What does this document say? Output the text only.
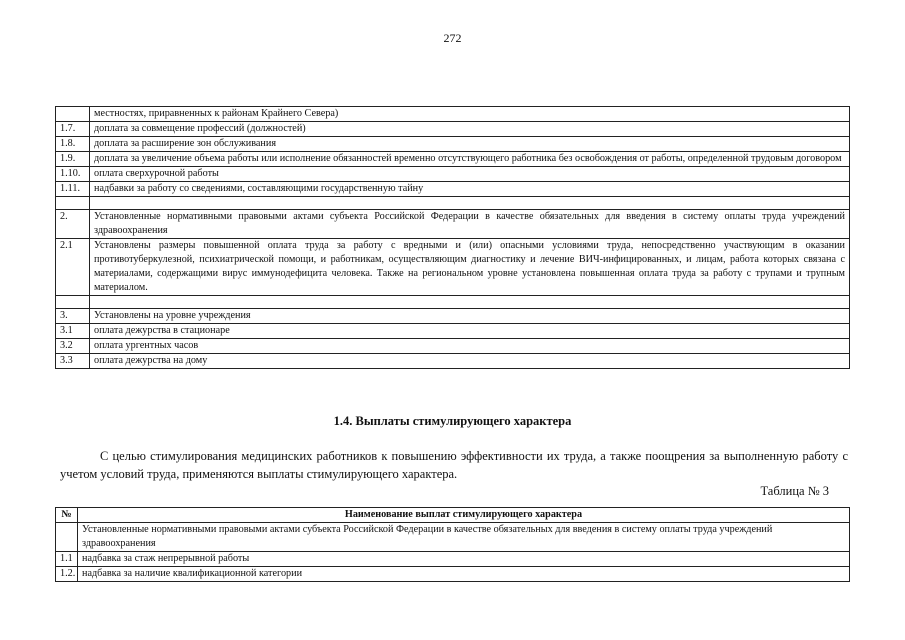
272
	местностях, приравненных к районам Крайнего Севера)
1.7.	доплата за совмещение профессий (должностей)
1.8.	доплата за расширение зон обслуживания
1.9.	доплата за увеличение объема работы или исполнение обязанностей временно отсутствующего работника без освобождения от работы, определенной трудовым договором
1.10.	оплата сверхурочной работы
1.11.	надбавки за работу со сведениями, составляющими государственную тайну

2.	Установленные нормативными правовыми актами субъекта Российской Федерации в качестве обязательных для введения в систему оплаты труда учреждений здравоохранения
2.1	Установлены размеры повышенной оплата труда за работу с вредными и (или) опасными условиями труда, непосредственно участвующим в оказании противотуберкулезной, психиатрической помощи, и работникам, осуществляющим диагностику и лечение ВИЧ-инфицированных, и лицам, работа которых связана с материалами, содержащими вирус иммунодефицита человека. Также на региональном уровне установлена повышенная оплата труда за работу с трупами и трупным материалом.

3.	Установлены на уровне учреждения
3.1	оплата дежурства в стационаре
3.2	оплата ургентных часов
3.3	оплата дежурства на дому
1.4. Выплаты стимулирующего характера

С целью стимулирования медицинских работников к повышению эффективности их труда, а также поощрения за выполненную работу с учетом условий труда, применяются выплаты стимулирующего характера.

Таблица № 3
№	Наименование выплат стимулирующего характера
	Установленные нормативными правовыми актами субъекта Российской Федерации в качестве обязательных для введения в систему оплаты труда учреждений здравоохранения
1.1	надбавка за стаж непрерывной работы
1.2.	надбавка за наличие квалификационной категории
